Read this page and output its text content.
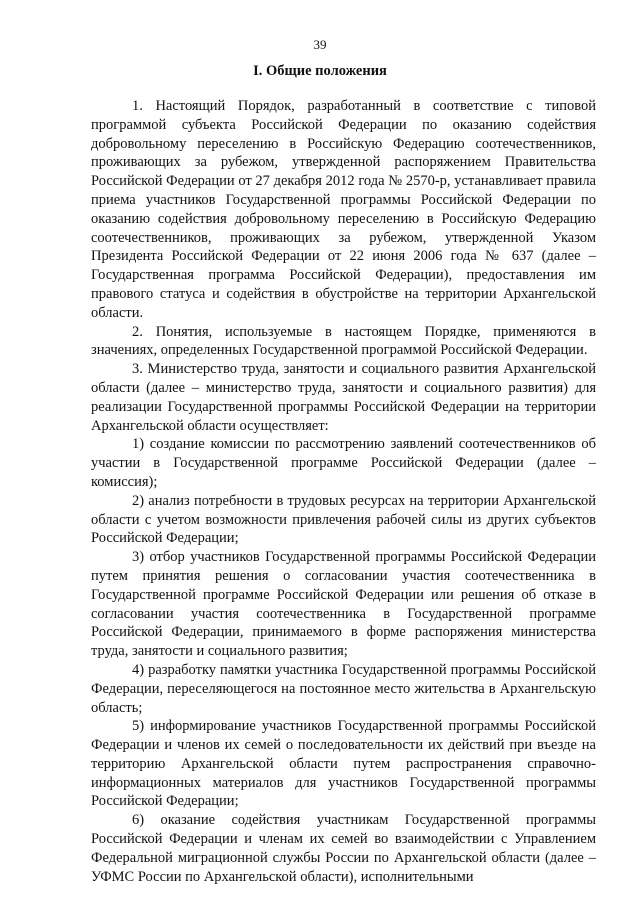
39
I. Общие положения

1. Настоящий Порядок, разработанный в соответствие с типовой программой субъекта Российской Федерации по оказанию содействия добровольному переселению в Российскую Федерацию соотечественников, проживающих за рубежом, утвержденной распоряжением Правительства Российской Федерации от 27 декабря 2012 года № 2570-р, устанавливает правила приема участников Государственной программы Российской Федерации по оказанию содействия добровольному переселению в Российскую Федерацию соотечественников, проживающих за рубежом, утвержденной Указом Президента Российской Федерации от 22 июня 2006 года № 637 (далее – Государственная программа Российской Федерации), предоставления им правового статуса и содействия в обустройстве на территории Архангельской области.

2. Понятия, используемые в настоящем Порядке, применяются в значениях, определенных Государственной программой Российской Федерации.

3. Министерство труда, занятости и социального развития Архангельской области (далее – министерство труда, занятости и социального развития) для реализации Государственной программы Российской Федерации на территории Архангельской области осуществляет:

1) создание комиссии по рассмотрению заявлений соотечественников об участии в Государственной программе Российской Федерации (далее – комиссия);

2) анализ потребности в трудовых ресурсах на территории Архангельской области с учетом возможности привлечения рабочей силы из других субъектов Российской Федерации;

3) отбор участников Государственной программы Российской Федерации путем принятия решения о согласовании участия соотечественника в Государственной программе Российской Федерации или решения об отказе в согласовании участия соотечественника в Государственной программе Российской Федерации, принимаемого в форме распоряжения министерства труда, занятости и социального развития;

4) разработку памятки участника Государственной программы Российской Федерации, переселяющегося на постоянное место жительства в Архангельскую область;

5) информирование участников Государственной программы Российской Федерации и членов их семей о последовательности их действий при въезде на территорию Архангельской области путем распространения справочно-информационных материалов для участников Государственной программы Российской Федерации;

6) оказание содействия участникам Государственной программы Российской Федерации и членам их семей во взаимодействии с Управлением Федеральной миграционной службы России по Архангельской области (далее – УФМС России по Архангельской области), исполнительными
